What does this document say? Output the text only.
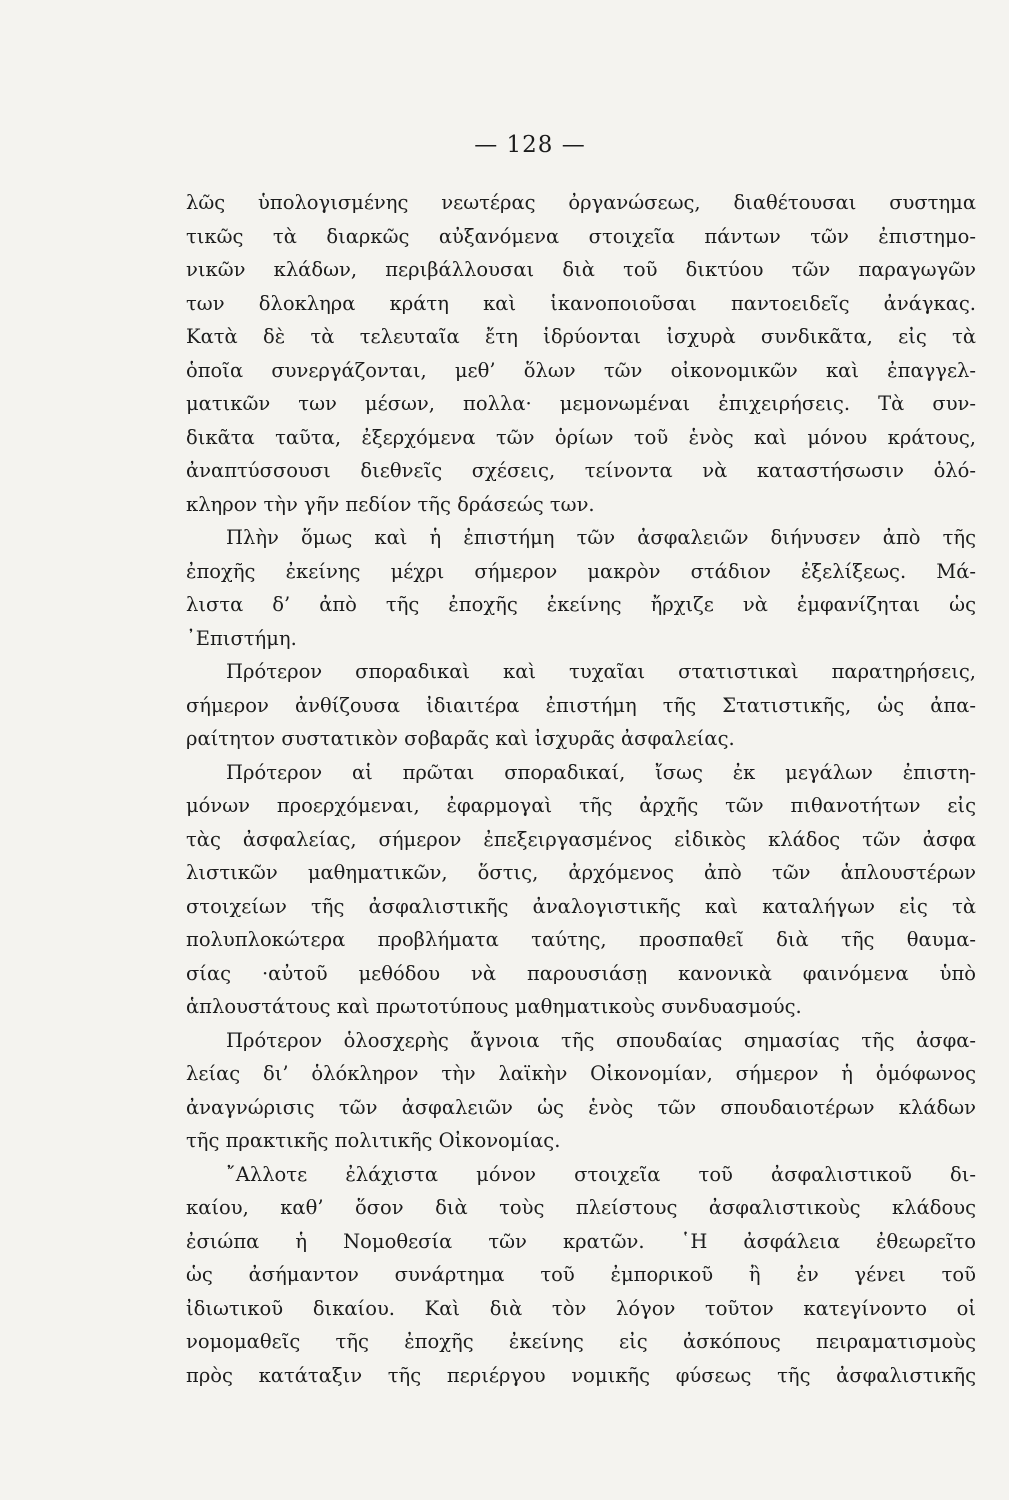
— 128 —
λῶς ὑπολογισμένης νεωτέρας ὀργανώσεως, διαθέτουσαι συστημα
τικῶς τὰ διαρκῶς αὐξανόμενα στοιχεῖα πάντων τῶν ἐπιστημο-
νικῶν κλάδων, περιβάλλουσαι διὰ τοῦ δικτύου τῶν παραγωγῶν
των δλοκληρα κράτη καὶ ἱκανοποιοῦσαι παντοειδεῖς ἀνάγκας.
Κατὰ δὲ τὰ τελευταῖα ἔτη ἱδρύονται ἰσχυρὰ συνδικᾶτα, εἰς τὰ
ὁποῖα συνεργάζονται, μεθ’ ὅλων τῶν οἰκονομικῶν καὶ ἐπαγγελ-
ματικῶν των μέσων, πολλα· μεμονωμέναι ἐπιχειρήσεις. Τὰ συν-
δικᾶτα ταῦτα, ἐξερχόμενα τῶν ὁρίων τοῦ ἑνὸς καὶ μόνου κράτους,
ἀναπτύσσουσι διεθνεῖς σχέσεις, τείνοντα νὰ καταστήσωσιν ὁλό-
κληρον τὴν γῆν πεδίον τῆς δράσεώς των.
Πλὴν ὅμως καὶ ἡ ἐπιστήμη τῶν ἀσφαλειῶν διήνυσεν ἀπὸ τῆς
ἐποχῆς ἐκείνης μέχρι σήμερον μακρὸν στάδιον ἐξελίξεως. Μά-
λιστα δ’ ἀπὸ τῆς ἐποχῆς ἐκείνης ἤρχιζε νὰ ἐμφανίζηται ὡς
᾽Επιστήμη.
Πρότερον σποραδικαὶ καὶ τυχαῖαι στατιστικαὶ παρατηρήσεις,
σήμερον ἀνθίζουσα ἰδιαιτέρα ἐπιστήμη τῆς Στατιστικῆς, ὡς ἀπα-
ραίτητον συστατικὸν σοβαρᾶς καὶ ἰσχυρᾶς ἀσφαλείας.
Πρότερον αἱ πρῶται σποραδικαί, ἴσως ἐκ μεγάλων ἐπιστη-
μόνων προερχόμεναι, ἐφαρμογαὶ τῆς ἀρχῆς τῶν πιθανοτήτων εἰς
τὰς ἀσφαλείας, σήμερον ἐπεξειργασμένος εἰδικὸς κλάδος τῶν ἀσφα
λιστικῶν μαθηματικῶν, ὅστις, ἀρχόμενος ἀπὸ τῶν ἁπλουστέρων
στοιχείων τῆς ἀσφαλιστικῆς ἀναλογιστικῆς καὶ καταλήγων εἰς τὰ
πολυπλοκώτερα προβλήματα ταύτης, προσπαθεῖ διὰ τῆς θαυμα-
σίας ·αὐτοῦ μεθόδου νὰ παρουσιάσῃ κανονικὰ φαινόμενα ὑπὸ
ἁπλουστάτους καὶ πρωτοτύπους μαθηματικοὺς συνδυασμούς.
Πρότερον ὁλοσχερὴς ἄγνοια τῆς σπουδαίας σημασίας τῆς ἀσφα-
λείας δι’ ὁλόκληρον τὴν λαϊκὴν Οἰκονομίαν, σήμερον ἡ ὁμόφωνος
ἀναγνώρισις τῶν ἀσφαλειῶν ὡς ἑνὸς τῶν σπουδαιοτέρων κλάδων
τῆς πρακτικῆς πολιτικῆς Οἰκονομίας.
῎Αλλοτε ἐλάχιστα μόνον στοιχεῖα τοῦ ἀσφαλιστικοῦ δι-
καίου, καθ’ ὅσον διὰ τοὺς πλείστους ἀσφαλιστικοὺς κλάδους
ἐσιώπα ἡ Νομοθεσία τῶν κρατῶν. ῾Η ἀσφάλεια ἐθεωρεῖτο
ὡς ἀσήμαντον συνάρτημα τοῦ ἐμπορικοῦ ἢ ἐν γένει τοῦ
ἰδιωτικοῦ δικαίου. Καὶ διὰ τὸν λόγον τοῦτον κατεγίνοντο οἱ
νομομαθεῖς τῆς ἐποχῆς ἐκείνης εἰς ἀσκόπους πειραματισμοὺς
πρὸς κατάταξιν τῆς περιέργου νομικῆς φύσεως τῆς ἀσφαλιστικῆς
